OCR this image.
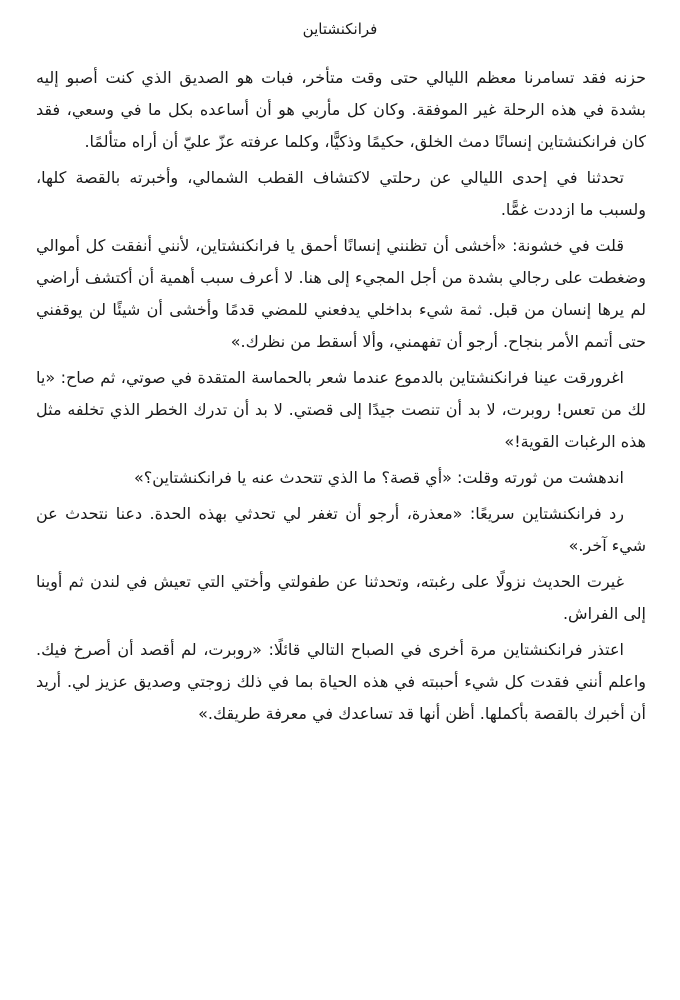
فرانكنشتاين

حزنه فقد تسامرنا معظم الليالي حتى وقت متأخر، فبات هو الصديق الذي كنت أصبو إليه بشدة في هذه الرحلة غير الموفقة. وكان كل مأربي هو أن أساعده بكل ما في وسعي، فقد كان فرانكنشتاين إنسانًا دمث الخلق، حكيمًا وذكيًّا، وكلما عرفته عزّ عليّ أن أراه متألمًا.

تحدثنا في إحدى الليالي عن رحلتي لاكتشاف القطب الشمالي، وأخبرته بالقصة كلها، ولسبب ما ازددت غمًّا.

قلت في خشونة: «أخشى أن تظنني إنسانًا أحمق يا فرانكنشتاين، لأنني أنفقت كل أموالي وضغطت على رجالي بشدة من أجل المجيء إلى هنا. لا أعرف سبب أهمية أن أكتشف أراضي لم يرها إنسان من قبل. ثمة شيء بداخلي يدفعني للمضي قدمًا وأخشى أن شيئًا لن يوقفني حتى أتمم الأمر بنجاح. أرجو أن تفهمني، وألا أسقط من نظرك.»

اغرورقت عينا فرانكنشتاين بالدموع عندما شعر بالحماسة المتقدة في صوتي، ثم صاح: «يا لك من تعس! روبرت، لا بد أن تنصت جيدًا إلى قصتي. لا بد أن تدرك الخطر الذي تخلفه مثل هذه الرغبات القوية!»

اندهشت من ثورته وقلت: «أي قصة؟ ما الذي تتحدث عنه يا فرانكنشتاين؟»

رد فرانكنشتاين سريعًا: «معذرة، أرجو أن تغفر لي تحدثي بهذه الحدة. دعنا نتحدث عن شيء آخر.»

غيرت الحديث نزولًا على رغبته، وتحدثنا عن طفولتي وأختي التي تعيش في لندن ثم أوينا إلى الفراش.

اعتذر فرانكنشتاين مرة أخرى في الصباح التالي قائلًا: «روبرت، لم أقصد أن أصرخ فيك. واعلم أنني فقدت كل شيء أحببته في هذه الحياة بما في ذلك زوجتي وصديق عزيز لي. أريد أن أخبرك بالقصة بأكملها. أظن أنها قد تساعدك في معرفة طريقك.»
